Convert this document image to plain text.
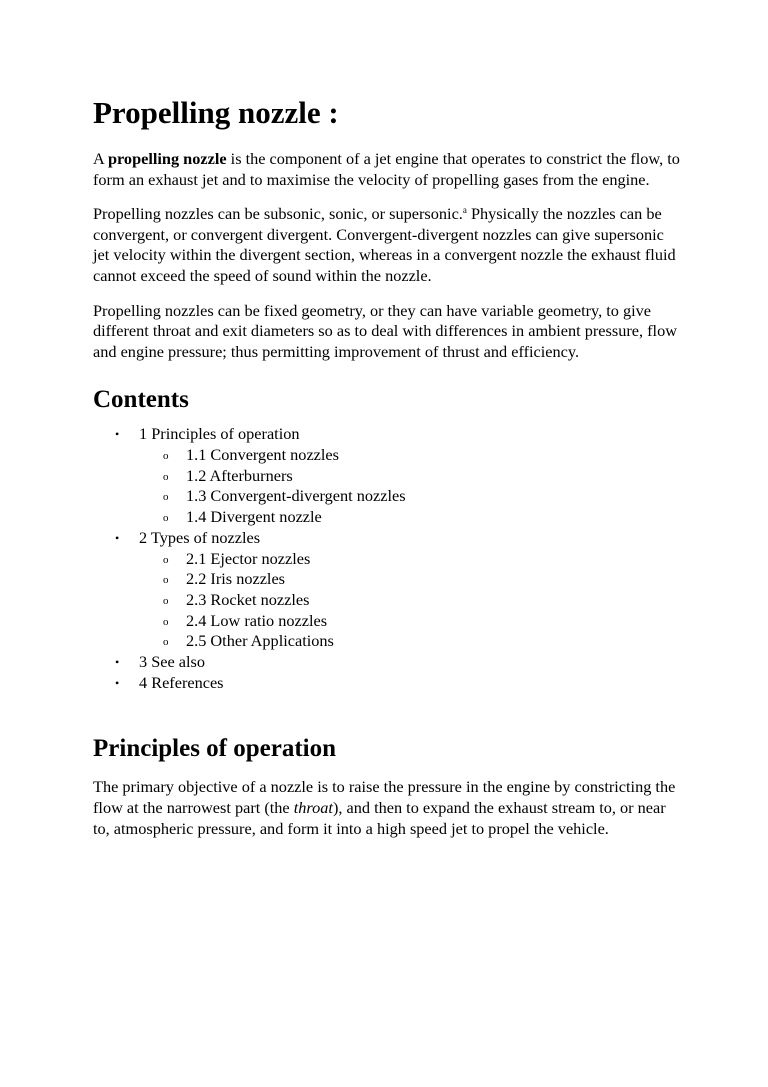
Propelling nozzle :

A propelling nozzle is the component of a jet engine that operates to constrict the flow, to form an exhaust jet and to maximise the velocity of propelling gases from the engine.

Propelling nozzles can be subsonic, sonic, or supersonic.$^a$ Physically the nozzles can be convergent, or convergent divergent. Convergent-divergent nozzles can give supersonic jet velocity within the divergent section, whereas in a convergent nozzle the exhaust fluid cannot exceed the speed of sound within the nozzle.

Propelling nozzles can be fixed geometry, or they can have variable geometry, to give different throat and exit diameters so as to deal with differences in ambient pressure, flow and engine pressure; thus permitting improvement of thrust and efficiency.

Contents
• 1 Principles of operation
o 1.1 Convergent nozzles
o 1.2 Afterburners
o 1.3 Convergent-divergent nozzles
o 1.4 Divergent nozzle
• 2 Types of nozzles
o 2.1 Ejector nozzles
o 2.2 Iris nozzles
o 2.3 Rocket nozzles
o 2.4 Low ratio nozzles
o 2.5 Other Applications
• 3 See also
• 4 References
Principles of operation

The primary objective of a nozzle is to raise the pressure in the engine by constricting the flow at the narrowest part (the throat), and then to expand the exhaust stream to, or near to, atmospheric pressure, and form it into a high speed jet to propel the vehicle.
